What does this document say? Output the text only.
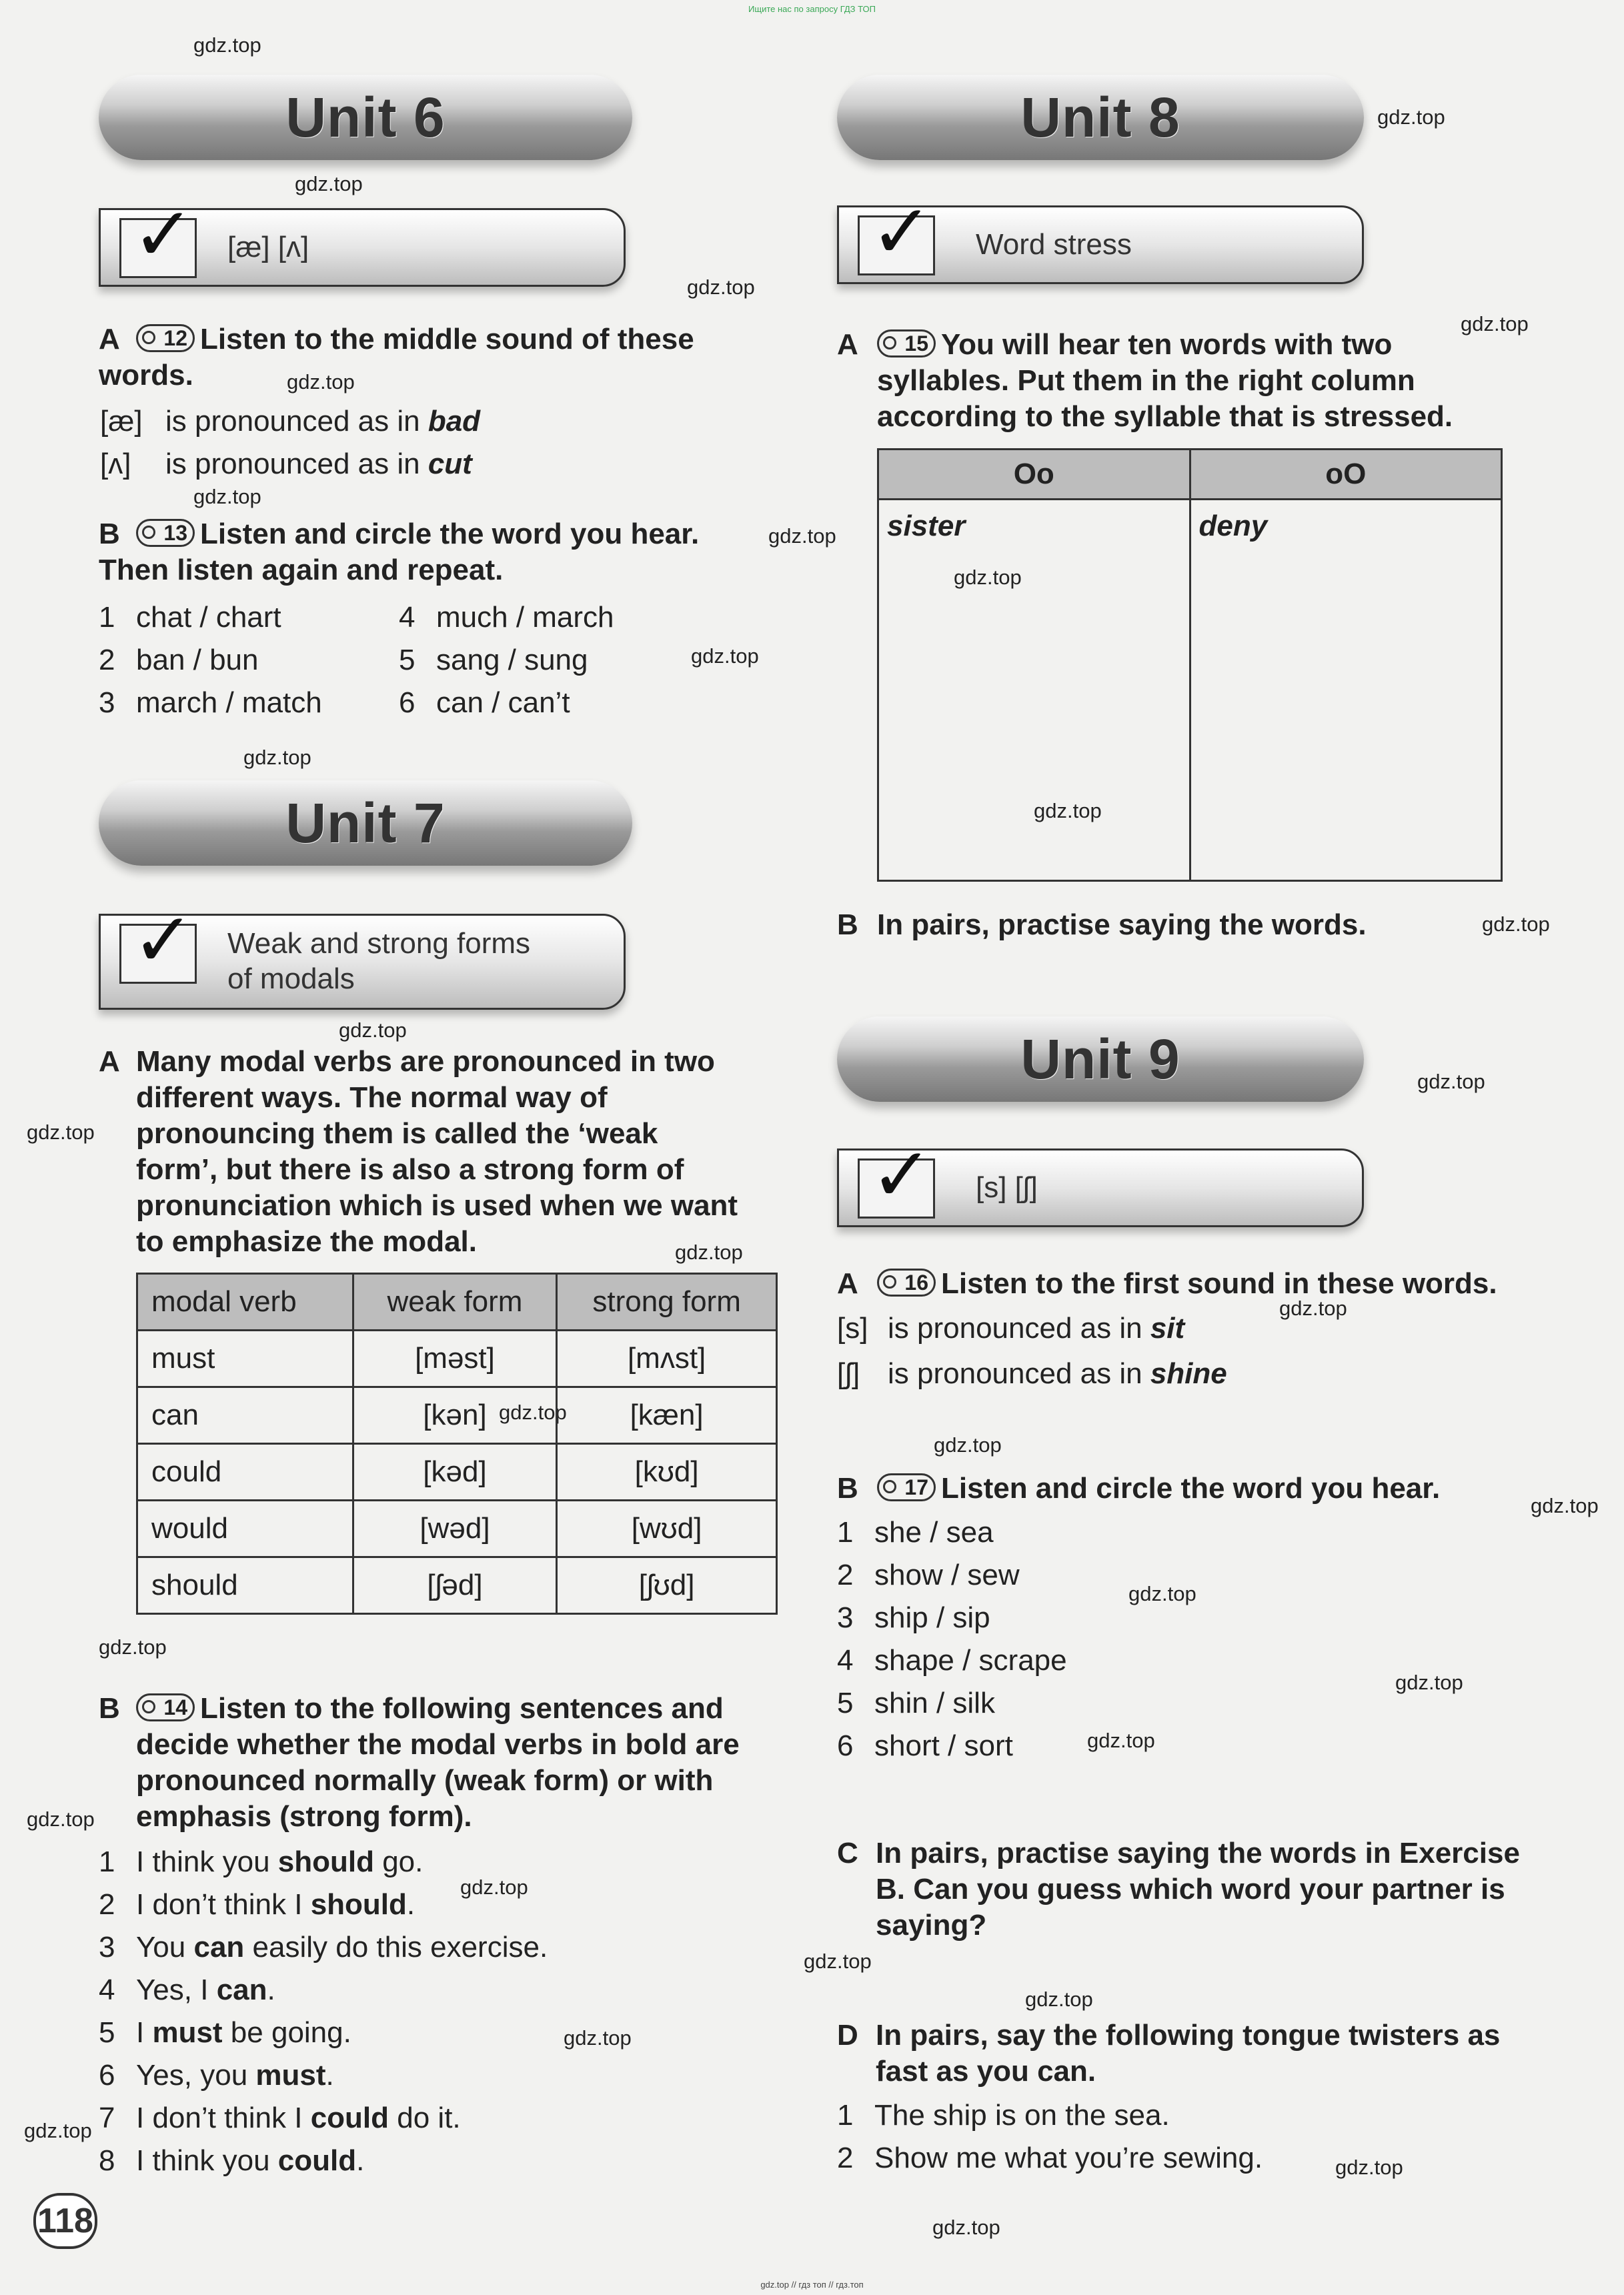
Ищите нас по запросу ГДЗ ТОП
gdz.top // гдз топ // гдз.топ
gdz.top
gdz.top
gdz.top
gdz.top
gdz.top
gdz.top
gdz.top
gdz.top
gdz.top
gdz.top
gdz.top
gdz.top
gdz.top
gdz.top
gdz.top
gdz.top
gdz.top
gdz.top
gdz.top
gdz.top
gdz.top
gdz.top
gdz.top
gdz.top
gdz.top
gdz.top
gdz.top
gdz.top
gdz.top
gdz.top
gdz.top
gdz.top
gdz.top
Unit 6
✓ [æ] [ʌ]
A 12 Listen to the middle sound of these words.
[æ] is pronounced as in bad
[ʌ] is pronounced as in cut
B 13 Listen and circle the word you hear. Then listen again and repeat.
1 chat / chart
2 ban / bun
3 march / match
4 much / march
5 sang / sung
6 can / can’t
Unit 7
✓ Weak and strong forms
of modals
A Many modal verbs are pronounced in two different ways. The normal way of pronouncing them is called the ‘weak form’, but there is also a strong form of pronunciation which is used when we want to emphasize the modal.
modal verb	weak form	strong form
must	[məst]	[mʌst]
can	[kən]	[kæn]
could	[kəd]	[kʊd]
would	[wəd]	[wʊd]
should	[ʃəd]	[ʃʊd]
B	14 Listen to the following sentences and decide whether the modal verbs in bold are pronounced normally (weak form) or with emphasis (strong form).
1 I think you should go.
2 I don’t think I should.
3 You can easily do this exercise.
4 Yes, I can.
5 I must be going.
6 Yes, you must.
7 I don’t think I could do it.
8 I think you could.
118
Unit 8
✓ Word stress
A	15 You will hear ten words with two syllables. Put them in the right column according to the syllable that is stressed.
Oo	oO
sister	deny
B In pairs, practise saying the words.
Unit 9
✓ [s] [ʃ]
A 16 Listen to the first sound in these words.
[s] is pronounced as in sit
[ʃ] is pronounced as in shine
B 17 Listen and circle the word you hear.
1 she / sea
2 show / sew
3 ship / sip
4 shape / scrape
5 shin / silk
6 short / sort
C In pairs, practise saying the words in Exercise B. Can you guess which word your partner is saying?
D In pairs, say the following tongue twisters as fast as you can.
1 The ship is on the sea.
2 Show me what you’re sewing.
